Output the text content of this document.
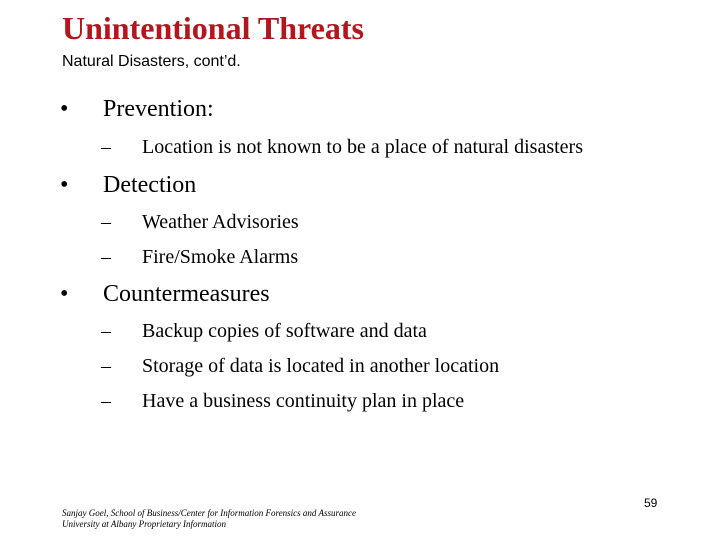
Unintentional Threats
Natural Disasters, cont’d.
• Prevention:
– Location is not known to be a place of natural disasters
• Detection
– Weather Advisories
– Fire/Smoke Alarms
• Countermeasures
– Backup copies of software and data
– Storage of data is located in another location
– Have a business continuity plan in place
Sanjay Goel, School of Business/Center for Information Forensics and Assurance
University at Albany Proprietary Information
59
